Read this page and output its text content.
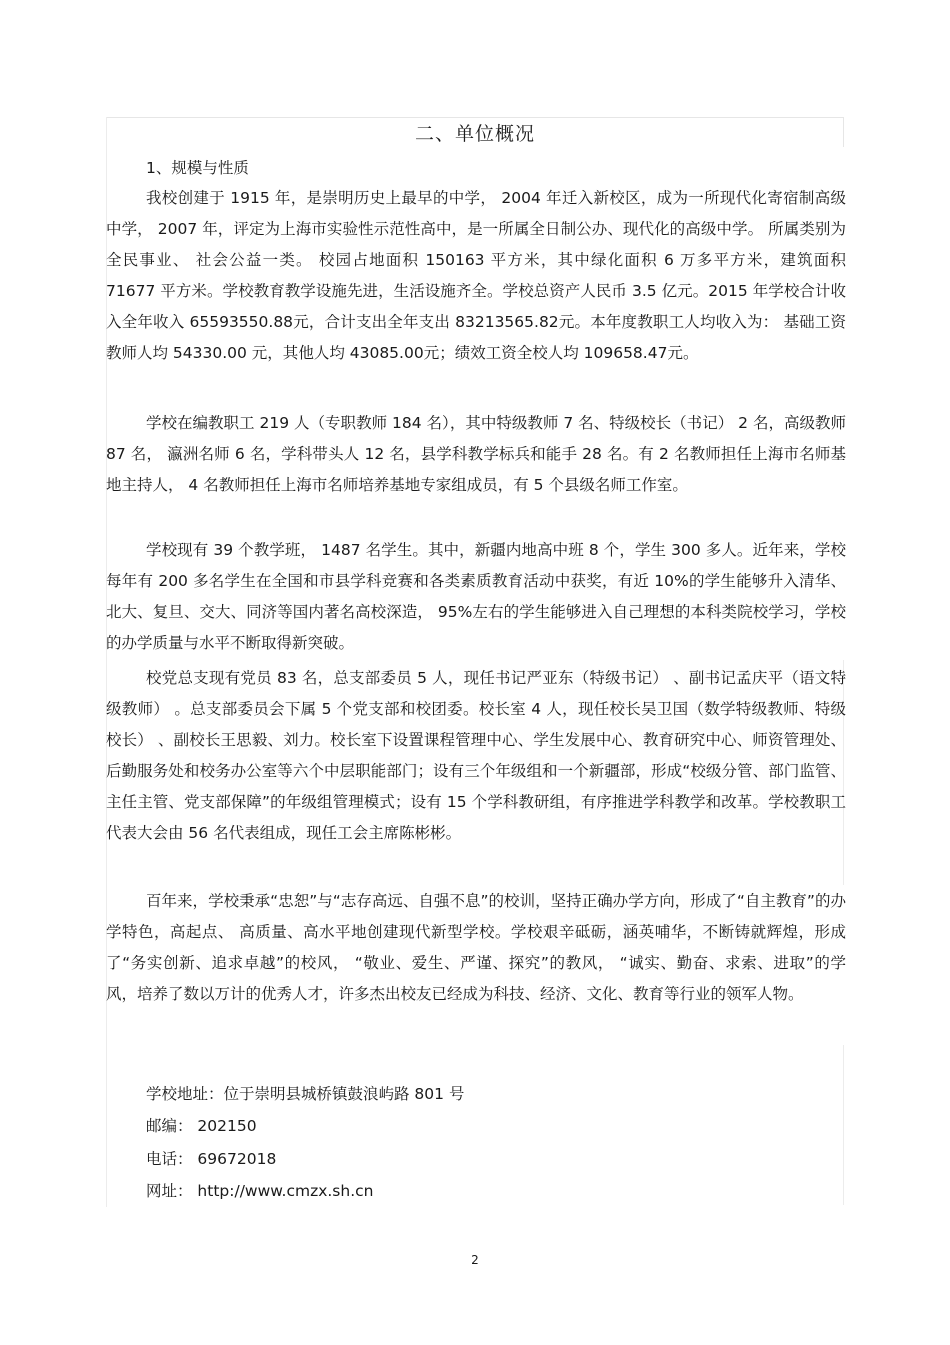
二、单位概况
1、规模与性质

我校创建于 1915 年，是崇明历史上最早的中学， 2004 年迁入新校区，成为一所现代化寄宿制高级中学， 2007 年，评定为上海市实验性示范性高中，是一所属全日制公办、现代化的高级中学。 所属类别为全民事业、 社会公益一类。 校园占地面积 150163 平方米，其中绿化面积 6 万多平方米，建筑面积 71677 平方米。学校教育教学设施先进，生活设施齐全。学校总资产人民币 3.5 亿元。2015 年学校合计收入全年收入 65593550.88元，合计支出全年支出 83213565.82元。本年度教职工人均收入为： 基础工资教师人均 54330.00 元，其他人均 43085.00元；绩效工资全校人均 109658.47元。

学校在编教职工 219 人（专职教师 184 名），其中特级教师 7 名、特级校长（书记） 2 名，高级教师 87 名， 瀛洲名师 6 名，学科带头人 12 名，县学科教学标兵和能手 28 名。有 2 名教师担任上海市名师基地主持人， 4 名教师担任上海市名师培养基地专家组成员，有 5 个县级名师工作室。

学校现有 39 个教学班， 1487 名学生。其中，新疆内地高中班 8 个，学生 300 多人。近年来，学校每年有 200 多名学生在全国和市县学科竞赛和各类素质教育活动中获奖，有近 10%的学生能够升入清华、北大、复旦、交大、同济等国内著名高校深造， 95%左右的学生能够进入自己理想的本科类院校学习，学校的办学质量与水平不断取得新突破。

校党总支现有党员 83 名，总支部委员 5 人，现任书记严亚东（特级书记） 、副书记孟庆平（语文特级教师） 。总支部委员会下属 5 个党支部和校团委。校长室 4 人，现任校长吴卫国（数学特级教师、特级校长） 、副校长王思毅、刘力。校长室下设置课程管理中心、学生发展中心、教育研究中心、师资管理处、后勤服务处和校务办公室等六个中层职能部门；设有三个年级组和一个新疆部，形成“校级分管、部门监管、主任主管、党支部保障”的年级组管理模式；设有 15 个学科教研组，有序推进学科教学和改革。学校教职工代表大会由 56 名代表组成，现任工会主席陈彬彬。

百年来，学校秉承“忠恕”与“志存高远、自强不息”的校训，坚持正确办学方向，形成了“自主教育”的办学特色，高起点、 高质量、高水平地创建现代新型学校。学校艰辛砥砺，涵英哺华，不断铸就辉煌，形成了“务实创新、追求卓越”的校风， “敬业、爱生、严谨、探究”的教风， “诚实、勤奋、求索、进取”的学风，培养了数以万计的优秀人才，许多杰出校友已经成为科技、经济、文化、教育等行业的领军人物。

学校地址：位于崇明县城桥镇鼓浪屿路 801 号
邮编： 202150
电话： 69672018
网址： http://www.cmzx.sh.cn
2
